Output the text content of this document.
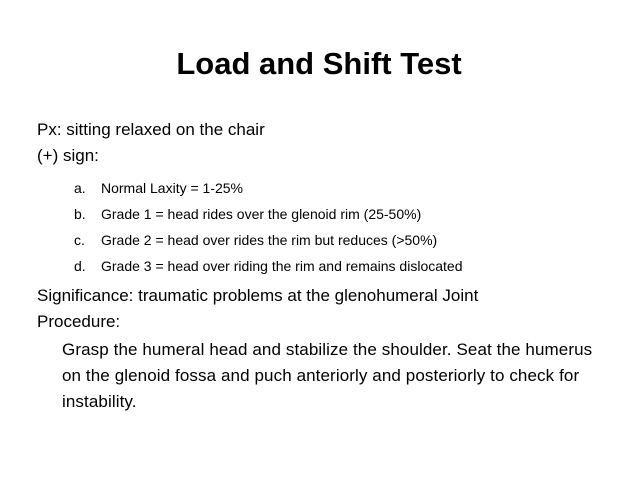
Load and Shift Test

Px: sitting relaxed on the chair

(+) sign:

a.	Normal Laxity = 1-25%
b.	Grade 1 = head rides over the glenoid rim (25-50%)
c.	Grade 2 = head over rides the rim but reduces (>50%)
d.	Grade 3 = head over riding the rim and remains dislocated

Significance: traumatic problems at the glenohumeral Joint

Procedure:

Grasp the humeral head and stabilize the shoulder. Seat the humerus on the glenoid fossa and puch anteriorly and posteriorly to check for instability.
